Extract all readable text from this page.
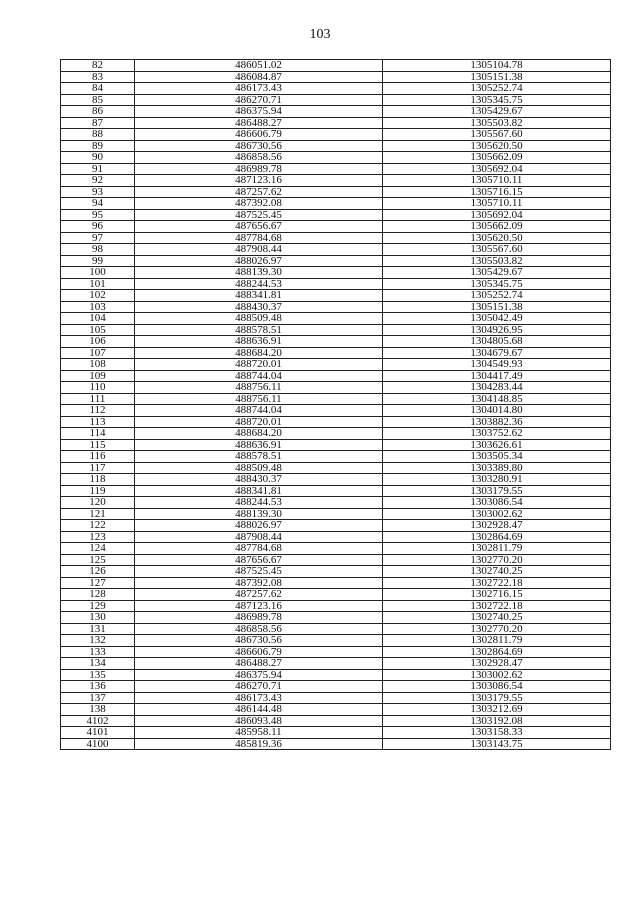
103
82	486051.02	1305104.78
83	486084.87	1305151.38
84	486173.43	1305252.74
85	486270.71	1305345.75
86	486375.94	1305429.67
87	486488.27	1305503.82
88	486606.79	1305567.60
89	486730.56	1305620.50
90	486858.56	1305662.09
91	486989.78	1305692.04
92	487123.16	1305710.11
93	487257.62	1305716.15
94	487392.08	1305710.11
95	487525.45	1305692.04
96	487656.67	1305662.09
97	487784.68	1305620.50
98	487908.44	1305567.60
99	488026.97	1305503.82
100	488139.30	1305429.67
101	488244.53	1305345.75
102	488341.81	1305252.74
103	488430.37	1305151.38
104	488509.48	1305042.49
105	488578.51	1304926.95
106	488636.91	1304805.68
107	488684.20	1304679.67
108	488720.01	1304549.93
109	488744.04	1304417.49
110	488756.11	1304283.44
111	488756.11	1304148.85
112	488744.04	1304014.80
113	488720.01	1303882.36
114	488684.20	1303752.62
115	488636.91	1303626.61
116	488578.51	1303505.34
117	488509.48	1303389.80
118	488430.37	1303280.91
119	488341.81	1303179.55
120	488244.53	1303086.54
121	488139.30	1303002.62
122	488026.97	1302928.47
123	487908.44	1302864.69
124	487784.68	1302811.79
125	487656.67	1302770.20
126	487525.45	1302740.25
127	487392.08	1302722.18
128	487257.62	1302716.15
129	487123.16	1302722.18
130	486989.78	1302740.25
131	486858.56	1302770.20
132	486730.56	1302811.79
133	486606.79	1302864.69
134	486488.27	1302928.47
135	486375.94	1303002.62
136	486270.71	1303086.54
137	486173.43	1303179.55
138	486144.48	1303212.69
4102	486093.48	1303192.08
4101	485958.11	1303158.33
4100	485819.36	1303143.75
